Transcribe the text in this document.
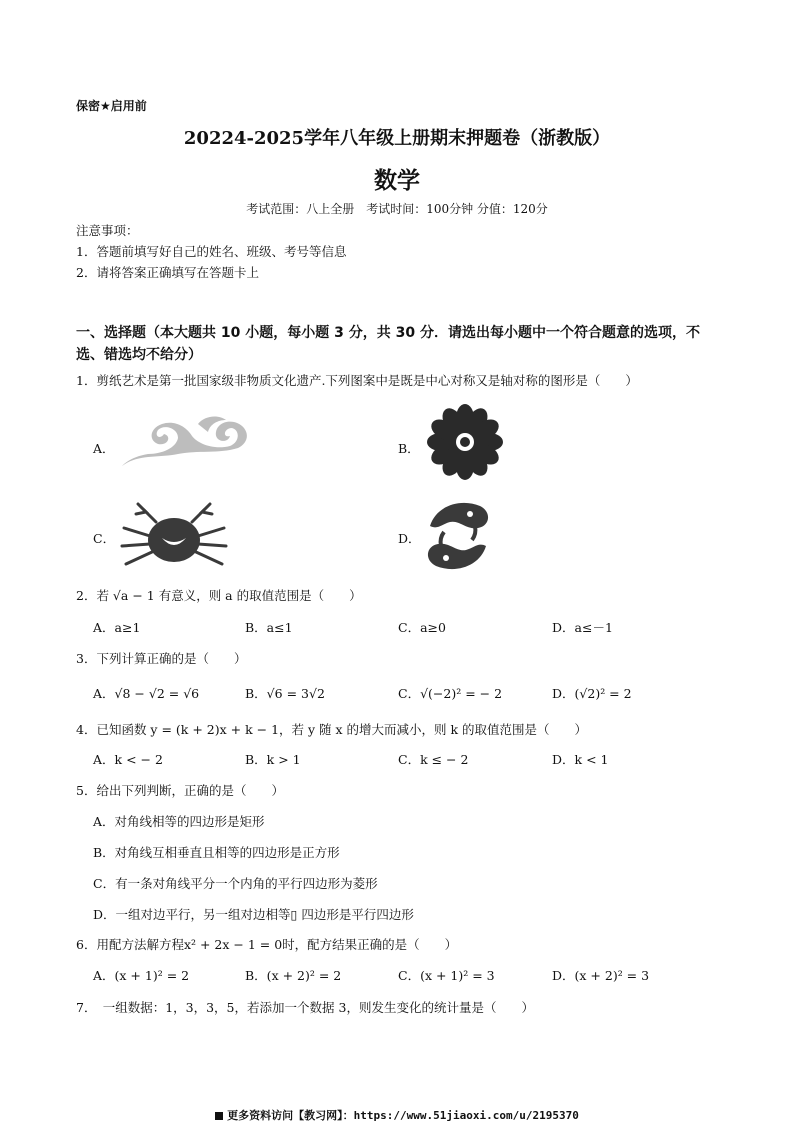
保密★启用前
20224-2025学年八年级上册期末押题卷（浙教版）
数学
考试范围：八上全册　考试时间：100分钟 分值：120分
注意事项：
1．答题前填写好自己的姓名、班级、考号等信息
2．请将答案正确填写在答题卡上
一、选择题（本大题共 10 小题，每小题 3 分，共 30 分．请选出每小题中一个符合题意的选项，不选、错选均不给分）
1．剪纸艺术是第一批国家级非物质文化遗产.下列图案中是既是中心对称又是轴对称的图形是（　　）
A．	B．
C．	D．
2．若 √a − 1 有意义，则 a 的取值范围是（　　）
A．a≥1	B．a≤1	C．a≥0	D．a≤－1
3．下列计算正确的是（　　）
A．√8 − √2 = √6	B．√6 = 3√2	C．√(−2)² = − 2	D．(√2)² = 2
4．已知函数 y = (k + 2)x + k − 1，若 y 随 x 的增大而减小，则 k 的取值范围是（　　）
A．k < − 2	B．k > 1	C．k ≤ − 2	D．k < 1
5．给出下列判断，正确的是（　　）
A．对角线相等的四边形是矩形
B．对角线互相垂直且相等的四边形是正方形
C．有一条对角线平分一个内角的平行四边形为菱形
D．一组对边平行，另一组对边相等▯ 四边形是平行四边形
6．用配方法解方程x² + 2x − 1 = 0时，配方结果正确的是（　　）
A．(x + 1)² = 2	B．(x + 2)² = 2	C．(x + 1)² = 3	D．(x + 2)² = 3
7．　一组数据：1，3，3，5，若添加一个数据 3，则发生变化的统计量是（　　）
更多资料访问【教习网】：https://www.51jiaoxi.com/u/2195370
